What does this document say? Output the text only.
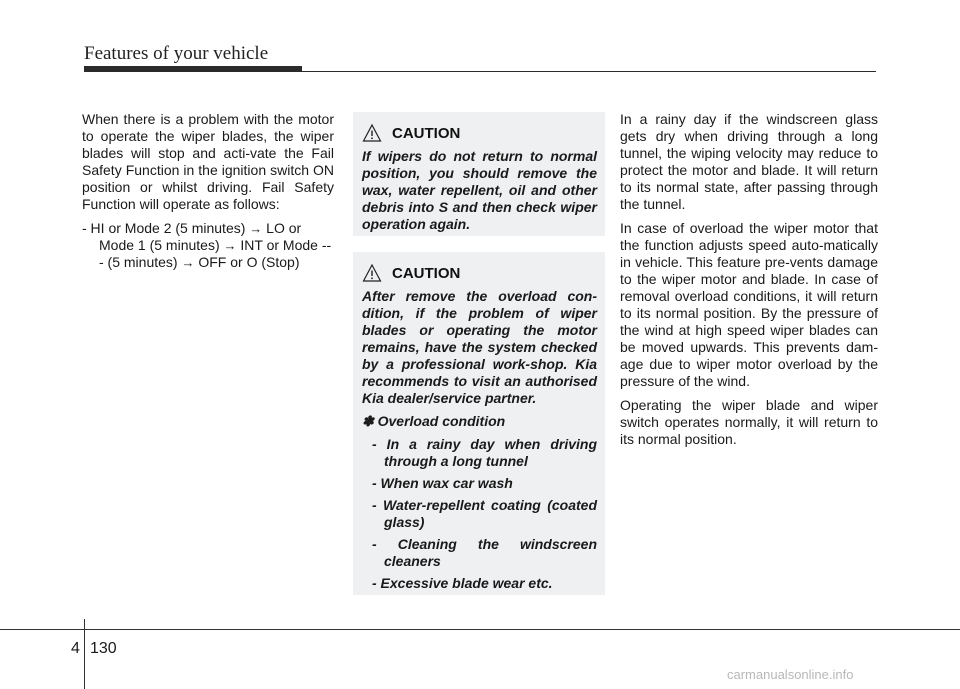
Features of your vehicle

When there is a problem with the motor to operate the wiper blades, the wiper blades will stop and acti-vate the Fail Safety Function in the ignition switch ON position or whilst driving. Fail Safety Function will operate as follows:

- HI or Mode 2 (5 minutes) → LO or Mode 1 (5 minutes) → INT or Mode --- (5 minutes) → OFF or O (Stop)

CAUTION

If wipers do not return to normal position, you should remove the wax, water repellent, oil and other debris into S and then check wiper operation again.

CAUTION

After remove the overload con-dition, if the problem of wiper blades or operating the motor remains, have the system checked by a professional work-shop. Kia recommends to visit an authorised Kia dealer/service partner.

✽ Overload condition
- In a rainy day when driving through a long tunnel
- When wax car wash
- Water-repellent coating (coated glass)
- Cleaning the windscreen cleaners
- Excessive blade wear etc.

In a rainy day if the windscreen glass gets dry when driving through a long tunnel, the wiping velocity may reduce to protect the motor and blade. It will return to its normal state, after passing through the tunnel.

In case of overload the wiper motor that the function adjusts speed auto-matically in vehicle. This feature pre-vents damage to the wiper motor and blade. In case of removal overload conditions, it will return to its normal position. By the pressure of the wind at high speed wiper blades can be moved upwards. This prevents dam-age due to wiper motor overload by the pressure of the wind.

Operating the wiper blade and wiper switch operates normally, it will return to its normal position.

4 130
carmanualsonline.info
